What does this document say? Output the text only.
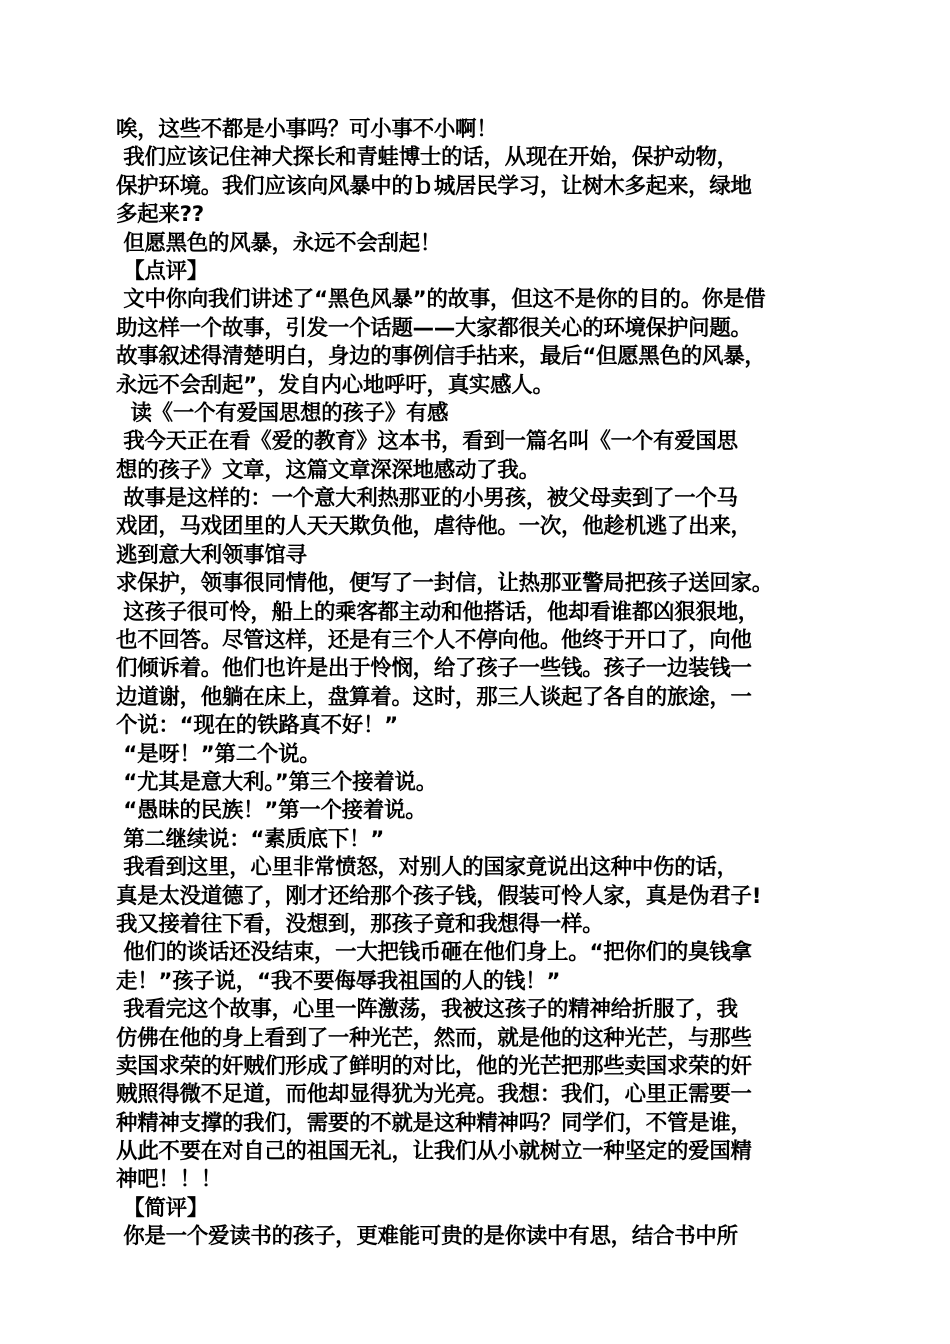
唉，这些不都是小事吗？可小事不小啊！
我们应该记住神犬探长和青蛙博士的话，从现在开始，保护动物，
保护环境。我们应该向风暴中的ｂ城居民学习，让树木多起来，绿地
多起来??
但愿黑色的风暴，永远不会刮起！
【点评】
文中你向我们讲述了“黑色风暴”的故事，但这不是你的目的。你是借
助这样一个故事，引发一个话题——大家都很关心的环境保护问题。
故事叙述得清楚明白，身边的事例信手拈来，最后“但愿黑色的风暴，
永远不会刮起”，发自内心地呼吁，真实感人。
读《一个有爱国思想的孩子》有感
我今天正在看《爱的教育》这本书，看到一篇名叫《一个有爱国思
想的孩子》文章，这篇文章深深地感动了我。
故事是这样的：一个意大利热那亚的小男孩，被父母卖到了一个马
戏团，马戏团里的人天天欺负他，虐待他。一次，他趁机逃了出来，
逃到意大利领事馆寻
求保护，领事很同情他，便写了一封信，让热那亚警局把孩子送回家。
这孩子很可怜，船上的乘客都主动和他搭话，他却看谁都凶狠狠地，
也不回答。尽管这样，还是有三个人不停向他。他终于开口了，向他
们倾诉着。他们也许是出于怜悯，给了孩子一些钱。孩子一边装钱一
边道谢，他躺在床上，盘算着。这时，那三人谈起了各自的旅途，一
个说：“现在的铁路真不好！”
“是呀！”第二个说。
“尤其是意大利。”第三个接着说。
“愚昧的民族！”第一个接着说。
第二继续说：“素质底下！”
我看到这里，心里非常愤怒，对别人的国家竟说出这种中伤的话，
真是太没道德了，刚才还给那个孩子钱，假装可怜人家，真是伪君子!
我又接着往下看，没想到，那孩子竟和我想得一样。
他们的谈话还没结束，一大把钱币砸在他们身上。“把你们的臭钱拿
走！”孩子说，“我不要侮辱我祖国的人的钱！”
我看完这个故事，心里一阵激荡，我被这孩子的精神给折服了，我
仿佛在他的身上看到了一种光芒，然而，就是他的这种光芒，与那些
卖国求荣的奸贼们形成了鲜明的对比，他的光芒把那些卖国求荣的奸
贼照得微不足道，而他却显得犹为光亮。我想：我们，心里正需要一
种精神支撑的我们，需要的不就是这种精神吗？同学们，不管是谁，
从此不要在对自己的祖国无礼，让我们从小就树立一种坚定的爱国精
神吧！！！
【简评】
你是一个爱读书的孩子，更难能可贵的是你读中有思，结合书中所
